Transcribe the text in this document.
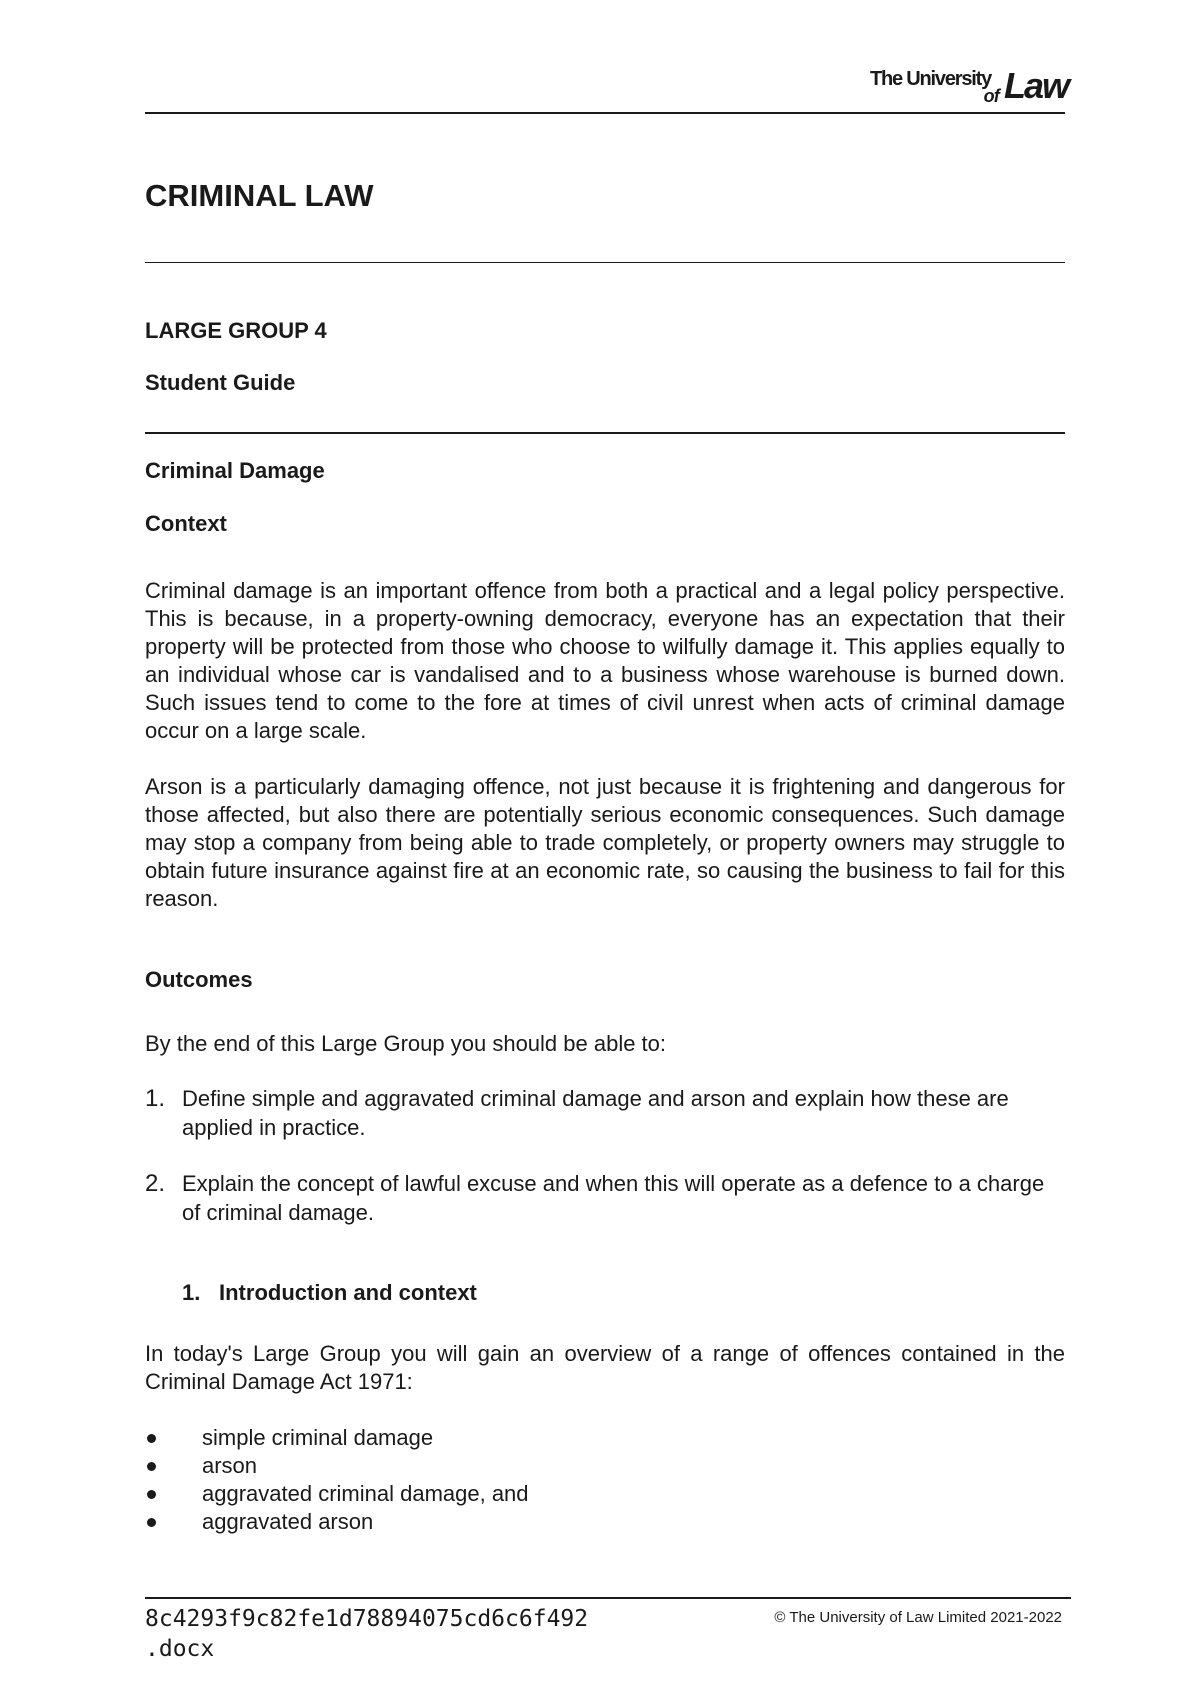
The University
of Law
CRIMINAL LAW
LARGE GROUP 4
Student Guide
Criminal Damage
Context

Criminal damage is an important offence from both a practical and a legal policy perspective. This is because, in a property-owning democracy, everyone has an expectation that their property will be protected from those who choose to wilfully damage it. This applies equally to an individual whose car is vandalised and to a business whose warehouse is burned down. Such issues tend to come to the fore at times of civil unrest when acts of criminal damage occur on a large scale.

Arson is a particularly damaging offence, not just because it is frightening and dangerous for those affected, but also there are potentially serious economic consequences. Such damage may stop a company from being able to trade completely, or property owners may struggle to obtain future insurance against fire at an economic rate, so causing the business to fail for this reason.

Outcomes

By the end of this Large Group you should be able to:

1. Define simple and aggravated criminal damage and arson and explain how these are applied in practice.
2. Explain the concept of lawful excuse and when this will operate as a defence to a charge of criminal damage.
1. Introduction and context

In today's Large Group you will gain an overview of a range of offences contained in the Criminal Damage Act 1971:

simple criminal damage
arson
aggravated criminal damage, and
aggravated arson
8c4293f9c82fe1d78894075cd6c6f492
.docx
© The University of Law Limited 2021-2022
